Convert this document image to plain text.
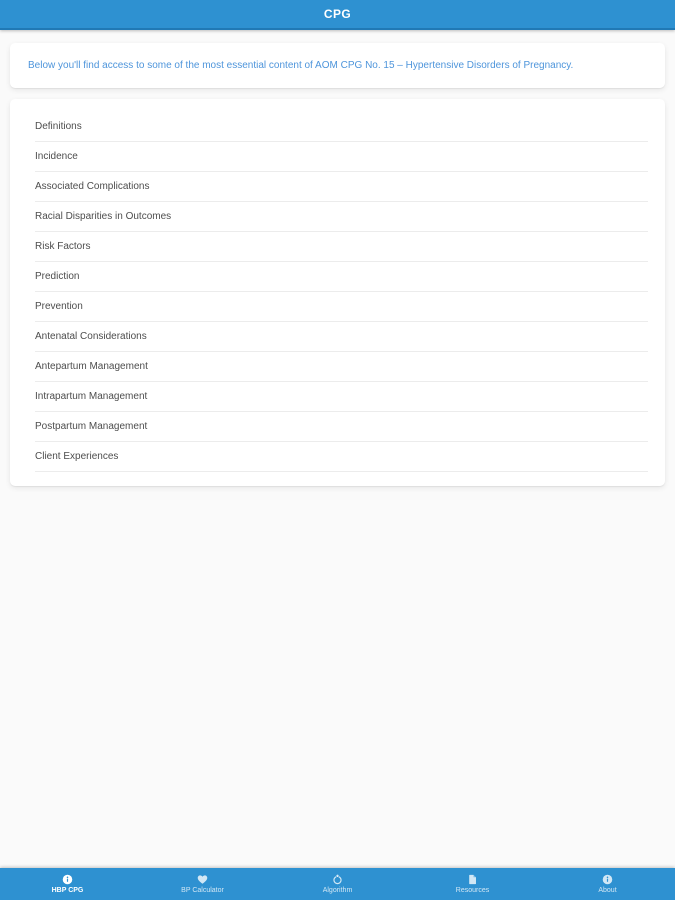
CPG

Below you'll find access to some of the most essential content of AOM CPG No. 15 – Hypertensive Disorders of Pregnancy.

Definitions
Incidence
Associated Complications
Racial Disparities in Outcomes
Risk Factors
Prediction
Prevention
Antenatal Considerations
Antepartum Management
Intrapartum Management
Postpartum Management
Client Experiences
HBP CPG	BP Calculator	Algorithm	Resources	About
